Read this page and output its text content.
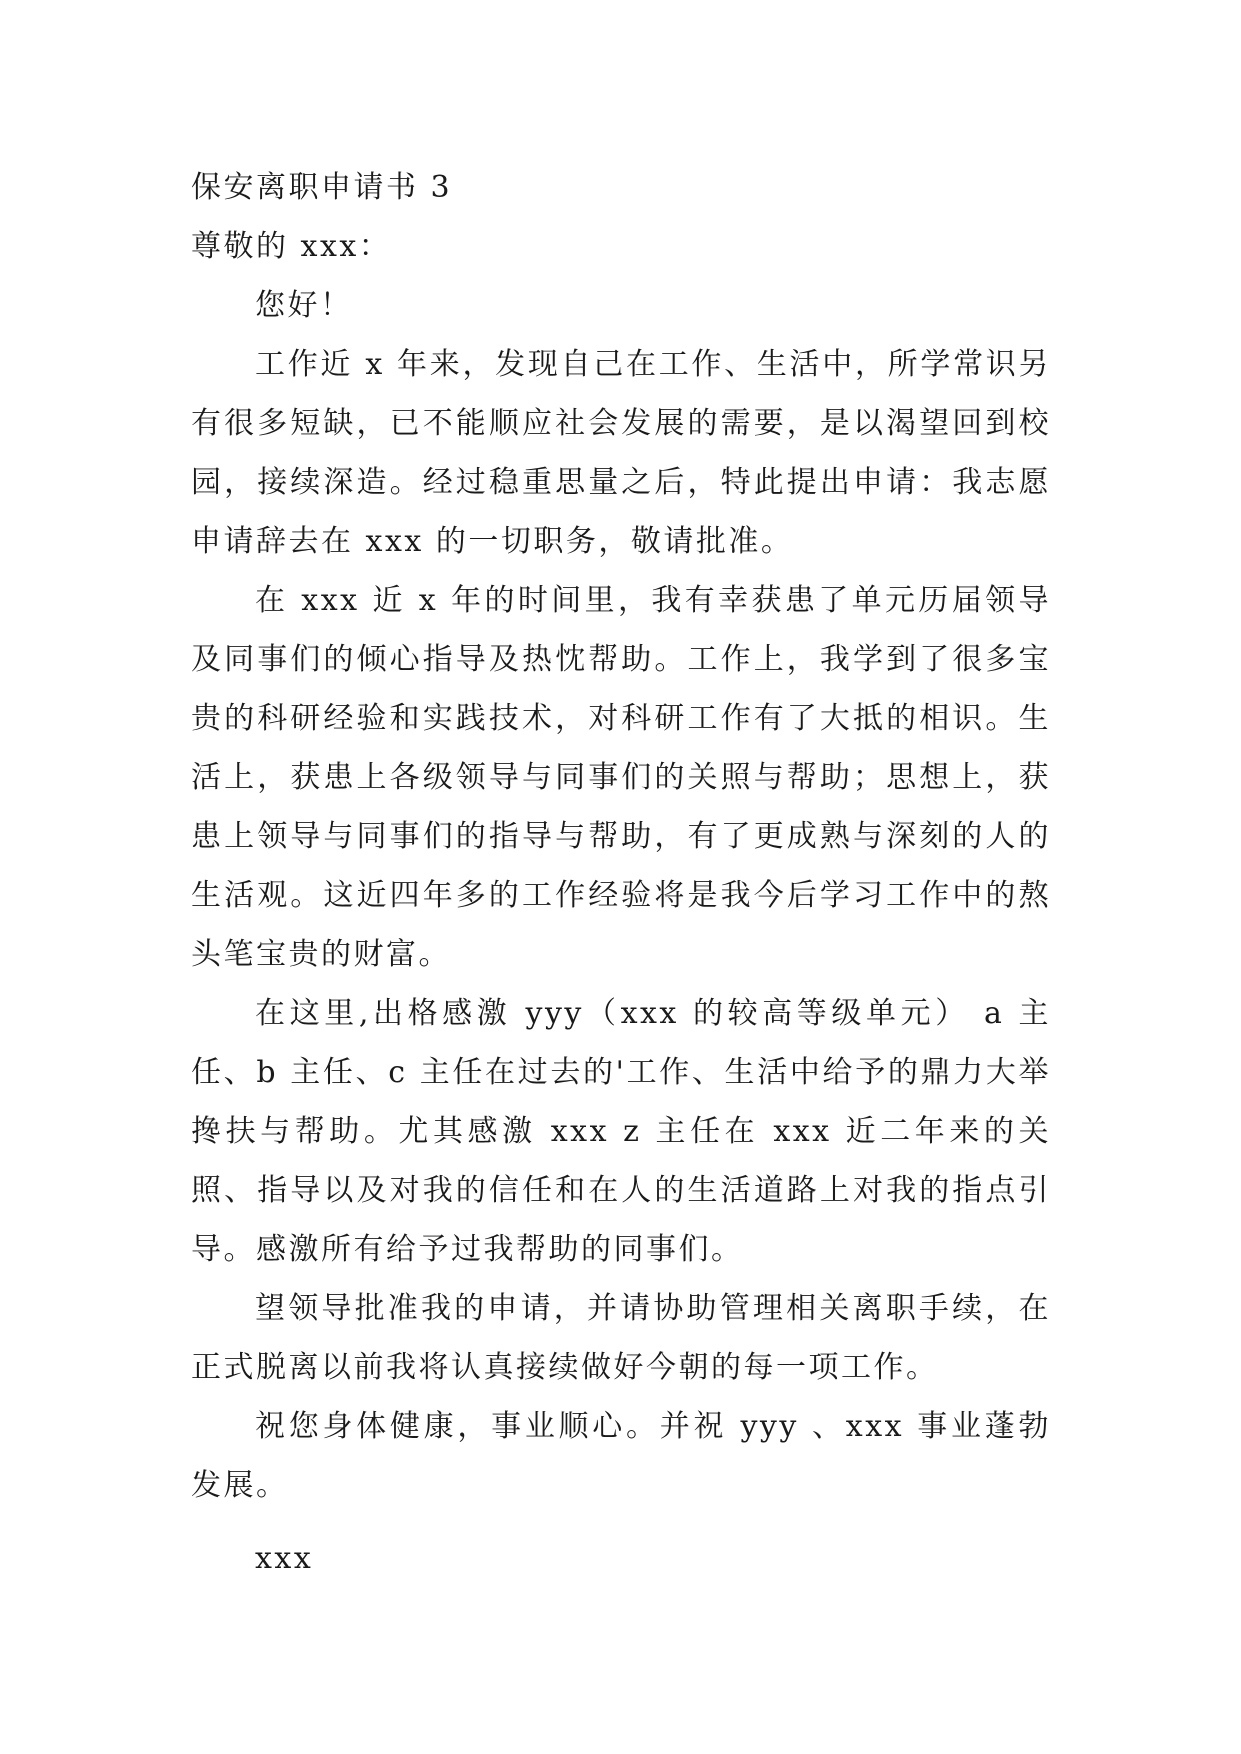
保安离职申请书 3

尊敬的 xxx：

您好！

工作近 x 年来，发现自己在工作、生活中，所学常识另有很多短缺，已不能顺应社会发展的需要，是以渴望回到校园，接续深造。经过稳重思量之后，特此提出申请：我志愿申请辞去在 xxx 的一切职务，敬请批准。

在 xxx 近 x 年的时间里，我有幸获患了单元历届领导及同事们的倾心指导及热忱帮助。工作上，我学到了很多宝贵的科研经验和实践技术，对科研工作有了大抵的相识。生活上，获患上各级领导与同事们的关照与帮助；思想上，获患上领导与同事们的指导与帮助，有了更成熟与深刻的人的生活观。这近四年多的工作经验将是我今后学习工作中的熬头笔宝贵的财富。

在这里,出格感激 yyy（xxx 的较高等级单元） a 主任、b 主任、c 主任在过去的'工作、生活中给予的鼎力大举搀扶与帮助。尤其感激 xxx z 主任在 xxx 近二年来的关照、指导以及对我的信任和在人的生活道路上对我的指点引导。感激所有给予过我帮助的同事们。

望领导批准我的申请，并请协助管理相关离职手续，在正式脱离以前我将认真接续做好今朝的每一项工作。

祝您身体健康，事业顺心。并祝 yyy 、xxx 事业蓬勃发展。

xxx
